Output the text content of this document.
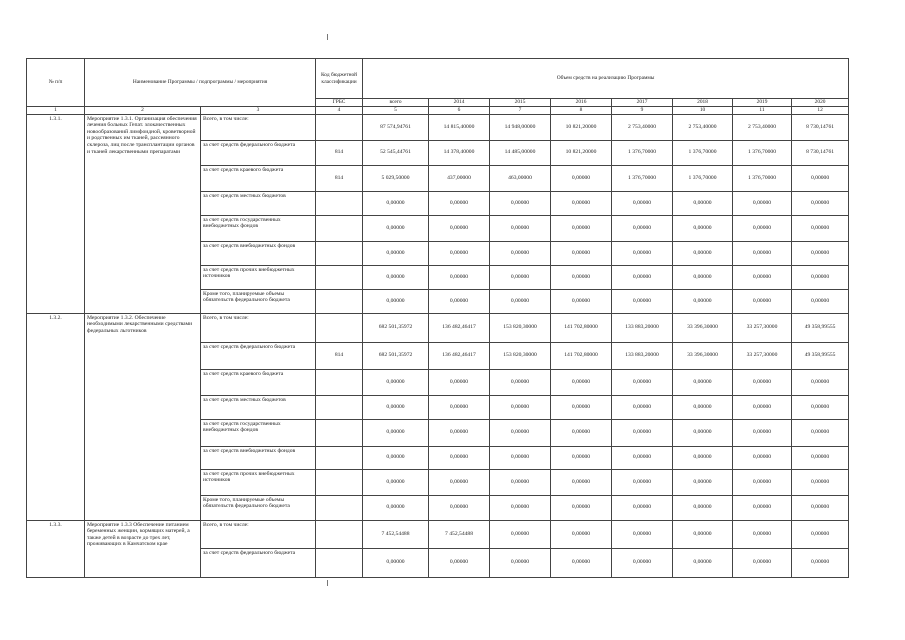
№ п/п	Наименование Программы / подпрограммы / мероприятия		Код бюджетной классификации	Объем средств на реализацию Программы							
			ГРБС	всего	2014	2015	2016	2017	2018	2019	2020
1	2	3	4	5	6	7	8	9	10	11	12
1.3.1.	Мероприятие 1.3.1. Организация обеспечения лечения больных Гепат. злокачественных новообразований лимфоидной, кроветворной и родственных им тканей, рассеянного склероза, лиц после трансплантации органов и тканей лекарственными препаратами	Всего, в том числе:		87 574,94761	14 815,40000	14 948,00000	10 821,20000	2 753,40000	2 753,40000	2 753,40000	8 730,14761
		за счет средств федерального бюджета	814	52 545,44761	14 378,40000	14 485,00000	10 821,20000	1 376,70000	1 376,70000	1 376,70000	8 730,14761
		за счет средств краевого бюджета	814	5 029,50000	437,00000	463,00000	0,00000	1 376,70000	1 376,70000	1 376,70000	0,00000
		за счет средств местных бюджетов		0,00000	0,00000	0,00000	0,00000	0,00000	0,00000	0,00000	0,00000
		за счет средств государственных внебюджетных фондов		0,00000	0,00000	0,00000	0,00000	0,00000	0,00000	0,00000	0,00000
		за счет средств внебюджетных фондов		0,00000	0,00000	0,00000	0,00000	0,00000	0,00000	0,00000	0,00000
		за счет средств прочих внебюджетных источников		0,00000	0,00000	0,00000	0,00000	0,00000	0,00000	0,00000	0,00000
		Кроме того, планируемые объемы обязательств федерального бюджета		0,00000	0,00000	0,00000	0,00000	0,00000	0,00000	0,00000	0,00000
1.3.2.	Мероприятие 1.3.2. Обеспечение необходимыми лекарственными средствами федеральных льготников	Всего, в том числе:		682 501,35972	136 482,46417	153 820,30000	141 702,80000	133 883,20000	33 396,30000	33 257,30000	49 358,99555
		за счет средств федерального бюджета	814	682 501,35972	136 482,46417	153 820,30000	141 702,80000	133 883,20000	33 396,30000	33 257,30000	49 358,99555
		за счет средств краевого бюджета		0,00000	0,00000	0,00000	0,00000	0,00000	0,00000	0,00000	0,00000
		за счет средств местных бюджетов		0,00000	0,00000	0,00000	0,00000	0,00000	0,00000	0,00000	0,00000
		за счет средств государственных внебюджетных фондов		0,00000	0,00000	0,00000	0,00000	0,00000	0,00000	0,00000	0,00000
		за счет средств внебюджетных фондов		0,00000	0,00000	0,00000	0,00000	0,00000	0,00000	0,00000	0,00000
		за счет средств прочих внебюджетных источников		0,00000	0,00000	0,00000	0,00000	0,00000	0,00000	0,00000	0,00000
		Кроме того, планируемые объемы обязательств федерального бюджета		0,00000	0,00000	0,00000	0,00000	0,00000	0,00000	0,00000	0,00000
1.3.3.	Мероприятие 1.3.3 Обеспечение питанием беременных женщин, кормящих матерей, а также детей в возрасте до трех лет, проживающих в Камчатском крае	Всего, в том числе:		7 452,54488	7 452,54488	0,00000	0,00000	0,00000	0,00000	0,00000	0,00000
		за счет средств федерального бюджета		0,00000	0,00000	0,00000	0,00000	0,00000	0,00000	0,00000	0,00000
